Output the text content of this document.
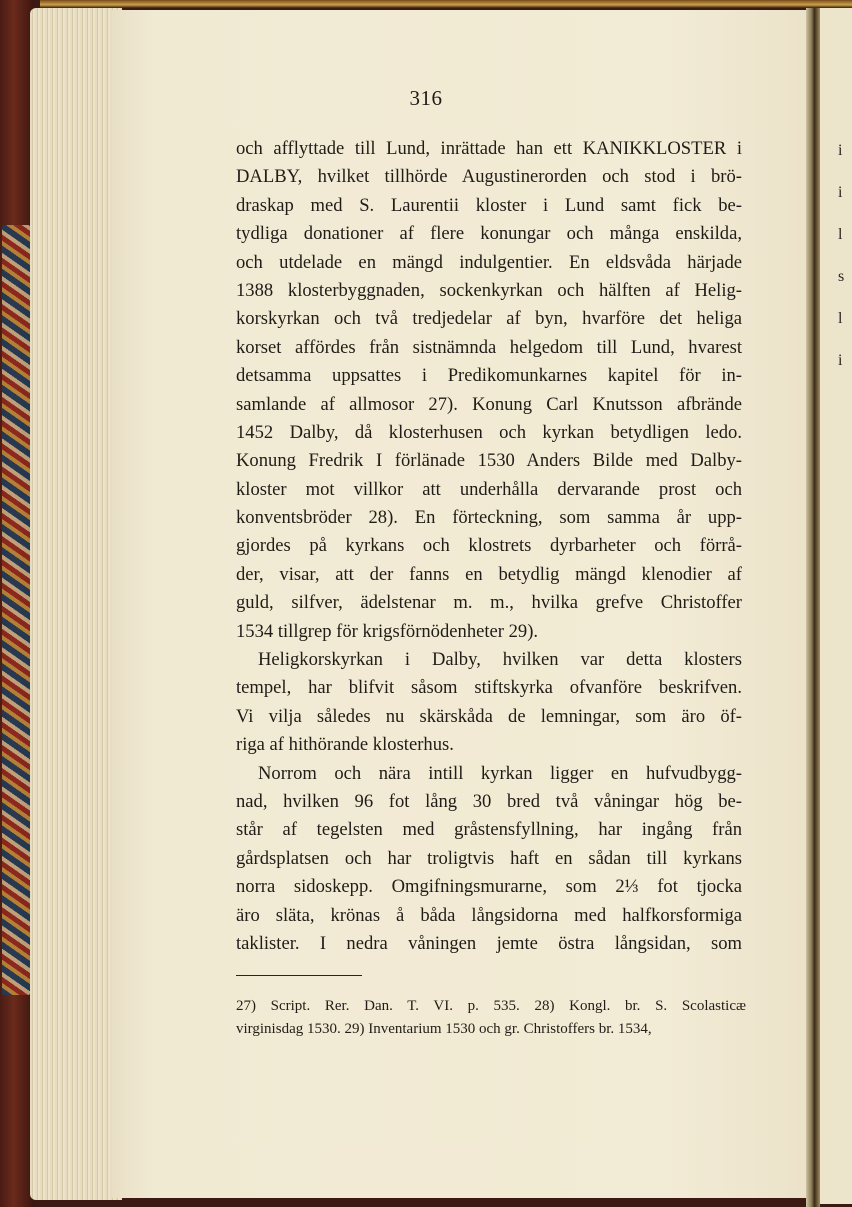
316
och afflyttade till Lund, inrättade han ett KANIKKLOSTER i
DALBY, hvilket tillhörde Augustinerorden och stod i brö-
draskap med S. Laurentii kloster i Lund samt fick be-
tydliga donationer af flere konungar och många enskilda,
och utdelade en mängd indulgentier. En eldsvåda härjade
1388 klosterbyggnaden, sockenkyrkan och hälften af Helig-
korskyrkan och två tredjedelar af byn, hvarföre det heliga
korset affördes från sistnämnda helgedom till Lund, hvarest
detsamma uppsattes i Predikomunkarnes kapitel för in-
samlande af allmosor 27). Konung Carl Knutsson afbrände
1452 Dalby, då klosterhusen och kyrkan betydligen ledo.
Konung Fredrik I förlänade 1530 Anders Bilde med Dalby-
kloster mot villkor att underhålla dervarande prost och
konventsbröder 28). En förteckning, som samma år upp-
gjordes på kyrkans och klostrets dyrbarheter och förrå-
der, visar, att der fanns en betydlig mängd klenodier af
guld, silfver, ädelstenar m. m., hvilka grefve Christoffer
1534 tillgrep för krigsförnödenheter 29).
Heligkorskyrkan i Dalby, hvilken var detta klosters
tempel, har blifvit såsom stiftskyrka ofvanföre beskrifven.
Vi vilja således nu skärskåda de lemningar, som äro öf-
riga af hithörande klosterhus.
Norrom och nära intill kyrkan ligger en hufvudbygg-
nad, hvilken 96 fot lång 30 bred två våningar hög be-
står af tegelsten med gråstensfyllning, har ingång från
gårdsplatsen och har troligtvis haft en sådan till kyrkans
norra sidoskepp. Omgifningsmurarne, som 2⅓ fot tjocka
äro släta, krönas å båda långsidorna med halfkorsformiga
taklister. I nedra våningen jemte östra långsidan, som
27) Script. Rer. Dan. T. VI. p. 535. 28) Kongl. br. S. Scolasticæ
virginisdag 1530. 29) Inventarium 1530 och gr. Christoffers br. 1534,
i
i
l
s
l
i
